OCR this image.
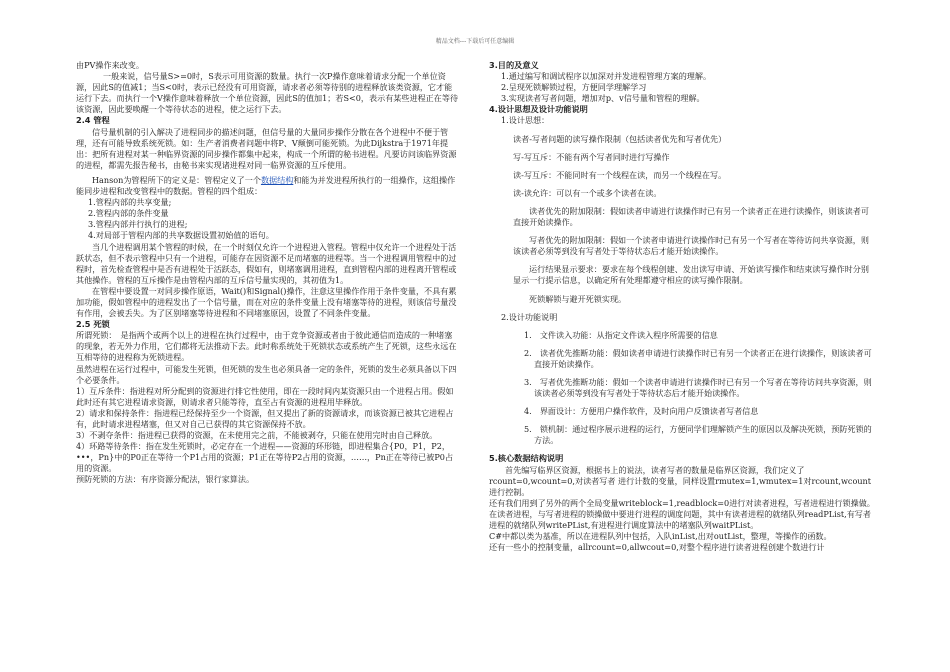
精品文档---下载后可任意编辑

由PV操作来改变。

一般来说，信号量S>=0时，S表示可用资源的数量。执行一次P操作意味着请求分配一个单位资源，因此S的值减1；当S<0时，表示已经没有可用资源，请求者必须等待别的进程释放该类资源，它才能运行下去。而执行一个V操作意味着释放一个单位资源，因此S的值加1；若S<0，表示有某些进程正在等待该资源，因此要唤醒一个等待状态的进程，使之运行下去。

2.4 管程

信号量机制的引入解决了进程同步的描述问题，但信号量的大量同步操作分散在各个进程中不便于管理，还有可能导致系统死锁。如：生产者消费者问题中将P、V颠倒可能死锁。为此Dijkstra于1971年提出：把所有进程对某一种临界资源的同步操作都集中起来，构成一个所谓的秘书进程。凡要访问该临界资源的进程，都需先报告秘书，由秘书来实现诸进程对同一临界资源的互斥使用。

Hanson为管程所下的定义是：管程定义了一个数据结构和能为并发进程所执行的一组操作，这组操作能同步进程和改变管程中的数据。管程的四个组成：

1.管程内部的共享变量;

2.管程内部的条件变量

3.管程内部并行执行的进程;

4.对局部于管程内部的共享数据设置初始值的语句。

当几个进程调用某个管程的时候，在一个时刻仅允许一个进程进入管程。管程中仅允许一个进程处于活跃状态，但不表示管程中只有一个进程，可能存在因资源不足而堵塞的进程等。当一个进程调用管程中的过程时，首先检查管程中是否有进程处于活跃态，假如有，则堵塞调用进程，直到管程内部的进程离开管程或其他操作。管程的互斥操作是由管程内部的互斥信号量实现的，其初值为1。

在管程中要设置一对同步操作原语，Wait()和Signal()操作，注意这里操作作用于条件变量，不具有累加功能，假如管程中的进程发出了一个信号量，而在对应的条件变量上没有堵塞等待的进程，则该信号量没有作用，会被丢失。为了区别堵塞等待进程和不同堵塞原因，设置了不同条件变量。

2.5 死锁

所谓死锁：　是指两个或两个以上的进程在执行过程中，由于竞争资源或者由于彼此通信而造成的一种堵塞的现象，若无外力作用，它们都将无法推动下去。此时称系统处于死锁状态或系统产生了死锁，这些永远在互相等待的进程称为死锁进程。

虽然进程在运行过程中，可能发生死锁，但死锁的发生也必须具备一定的条件，死锁的发生必须具备以下四个必要条件。

1）互斥条件：指进程对所分配到的资源进行排它性使用，即在一段时间内某资源只由一个进程占用。假如此时还有其它进程请求资源，则请求者只能等待，直至占有资源的进程用毕释放。

2）请求和保持条件：指进程已经保持至少一个资源，但又提出了新的资源请求，而该资源已被其它进程占有，此时请求进程堵塞，但又对自己已获得的其它资源保持不放。

3）不剥夺条件：指进程已获得的资源，在未使用完之前，不能被剥夺，只能在使用完时由自己释放。

4）环路等待条件：指在发生死锁时，必定存在一个进程——资源的环形链，即进程集合{P0，P1，P2，•••，Pn}中的P0正在等待一个P1占用的资源；P1正在等待P2占用的资源，……，Pn正在等待已被P0占用的资源。

预防死锁的方法：有序资源分配法，银行家算法。

3.目的及意义

1.通过编写和调试程序以加深对并发进程管理方案的理解。

2.呈现死锁解锁过程，方便同学理解学习

3.实现读者写者问题，增加对p、v信号量和管程的理解。

4.设计思想及设计功能说明

1.设计思想：

读者-写者问题的读写操作限制（包括读者优先和写者优先）

写-写互斥：不能有两个写者同时进行写操作

读-写互斥：不能同时有一个线程在读，而另一个线程在写。

读-读允许：可以有一个或多个读者在读。

读者优先的附加限制：假如读者申请进行读操作时已有另一个读者正在进行读操作，则该读者可直接开始读操作。

写者优先的附加限制：假如一个读者申请进行读操作时已有另一个写者在等待访问共享资源，则该读者必须等到没有写者处于等待状态后才能开始读操作。

运行结果显示要求：要求在每个线程创建、发出读写申请、开始读写操作和结束读写操作时分别显示一行提示信息，以确定所有处理都遵守相应的读写操作限制。

死锁解锁与避开死锁实现。

2.设计功能说明

1.　文件读入功能：从指定文件读入程序所需要的信息

2.　读者优先推断功能：假如读者申请进行读操作时已有另一个读者正在进行读操作，则该读者可直接开始读操作。

3.　写者优先推断功能：假如一个读者申请进行读操作时已有另一个写者在等待访问共享资源，则该读者必须等到没有写者处于等待状态后才能开始读操作。

4.　界面设计：方便用户操作软件，及时向用户反馈读者写者信息

5.　锁机制：通过程序展示进程的运行，方便同学们理解锁产生的原因以及解决死锁，预防死锁的方法。

5.核心数据结构说明

首先编写临界区资源，根据书上的说法，读者写者的数量是临界区资源，我们定义了rcount=0,wcount=0,对读者写者 进行计数的变量，同样设置rmutex=1,wmutex=1对rcount,wcount进行控制。

还有我们用到了另外的两个全局变量writeblock=1,readblock=0进行对读者进程，写者进程进行锁操做。

在读者进程，与写者进程的锁操做中要进行进程的调度问题，其中有读者进程的就绪队列readPList,有写者进程的就绪队列writePList,有进程进行调度算法中的堵塞队列waitPList。

C#中都以类为基准，所以在进程队列中包括，入队inList,出对outList，整理，等操作的函数。

还有一些小的控制变量，allrcount=0,allwcout=0,对整个程序进行读者进程创建个数进行计
